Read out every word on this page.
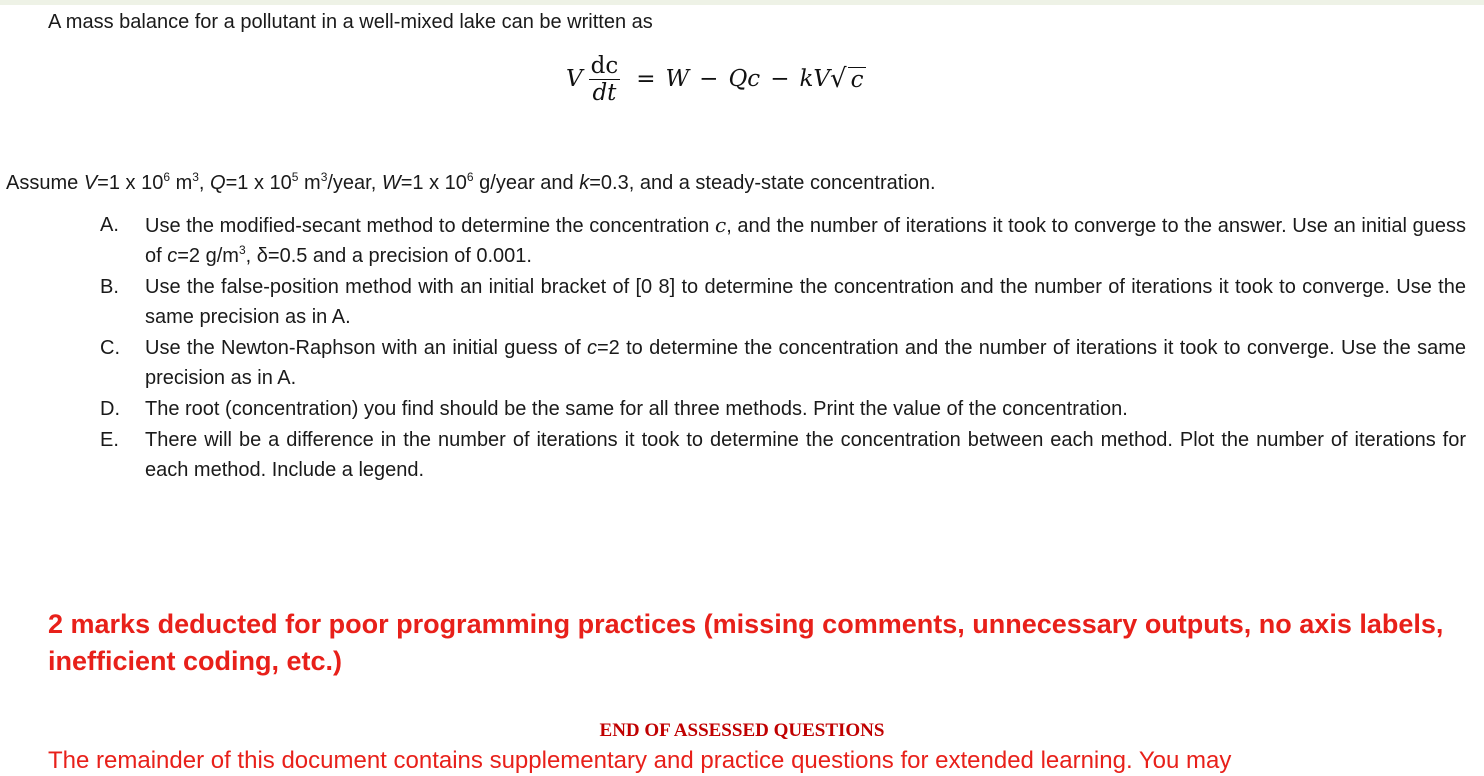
A mass balance for a pollutant in a well-mixed lake can be written as

V $\frac{dc}{dt} = W - Qc$ − kV √ c

Assume V=1 x $10^6$ $m^3$, Q=1 x $10^5$ $m^3$/year, W=1 x $10^6$ g/year and k=0.3, and a steady-state concentration.

A.	Use the modified-secant method to determine the concentration c, and the number of iterations it took to converge to the answer. Use an initial guess of c=2 $g/m^3$, δ=0.5 and a precision of 0.001.
B.	Use the false-position method with an initial bracket of [0 8] to determine the concentration and the number of iterations it took to converge. Use the same precision as in A.
C.	Use the Newton-Raphson with an initial guess of c=2 to determine the concentration and the number of iterations it took to converge. Use the same precision as in A.
D.	The root (concentration) you find should be the same for all three methods. Print the value of the concentration.
E.	There will be a difference in the number of iterations it took to determine the concentration between each method. Plot the number of iterations for each method. Include a legend.

2 marks deducted for poor programming practices (missing comments, unnecessary outputs, no axis labels, inefficient coding, etc.)

END OF ASSESSED QUESTIONS
The remainder of this document contains supplementary and practice questions for extended learning. You may
